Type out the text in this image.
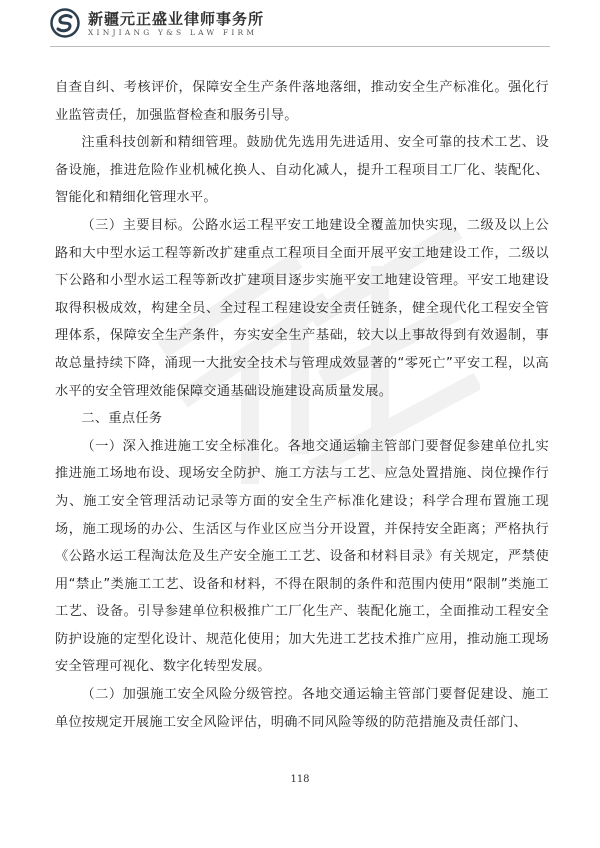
新疆元正盛业律师事务所
XINJIANG Y&S LAW FIRM

自查自纠、考核评价，保障安全生产条件落地落细，推动安全生产标准化。强化行业监管责任，加强监督检查和服务引导。

注重科技创新和精细管理。鼓励优先选用先进适用、安全可靠的技术工艺、设备设施，推进危险作业机械化换人、自动化减人，提升工程项目工厂化、装配化、智能化和精细化管理水平。

（三）主要目标。公路水运工程平安工地建设全覆盖加快实现，二级及以上公路和大中型水运工程等新改扩建重点工程项目全面开展平安工地建设工作，二级以下公路和小型水运工程等新改扩建项目逐步实施平安工地建设管理。平安工地建设取得积极成效，构建全员、全过程工程建设安全责任链条，健全现代化工程安全管理体系，保障安全生产条件，夯实安全生产基础，较大以上事故得到有效遏制，事故总量持续下降，涌现一大批安全技术与管理成效显著的“零死亡”平安工程，以高水平的安全管理效能保障交通基础设施建设高质量发展。

二、重点任务

（一）深入推进施工安全标准化。各地交通运输主管部门要督促参建单位扎实推进施工场地布设、现场安全防护、施工方法与工艺、应急处置措施、岗位操作行为、施工安全管理活动记录等方面的安全生产标准化建设；科学合理布置施工现场，施工现场的办公、生活区与作业区应当分开设置，并保持安全距离；严格执行《公路水运工程淘汰危及生产安全施工工艺、设备和材料目录》有关规定，严禁使用“禁止”类施工工艺、设备和材料，不得在限制的条件和范围内使用“限制”类施工工艺、设备。引导参建单位积极推广工厂化生产、装配化施工，全面推动工程安全防护设施的定型化设计、规范化使用；加大先进工艺技术推广应用，推动施工现场安全管理可视化、数字化转型发展。

（二）加强施工安全风险分级管控。各地交通运输主管部门要督促建设、施工单位按规定开展施工安全风险评估，明确不同风险等级的防范措施及责任部门、

118
